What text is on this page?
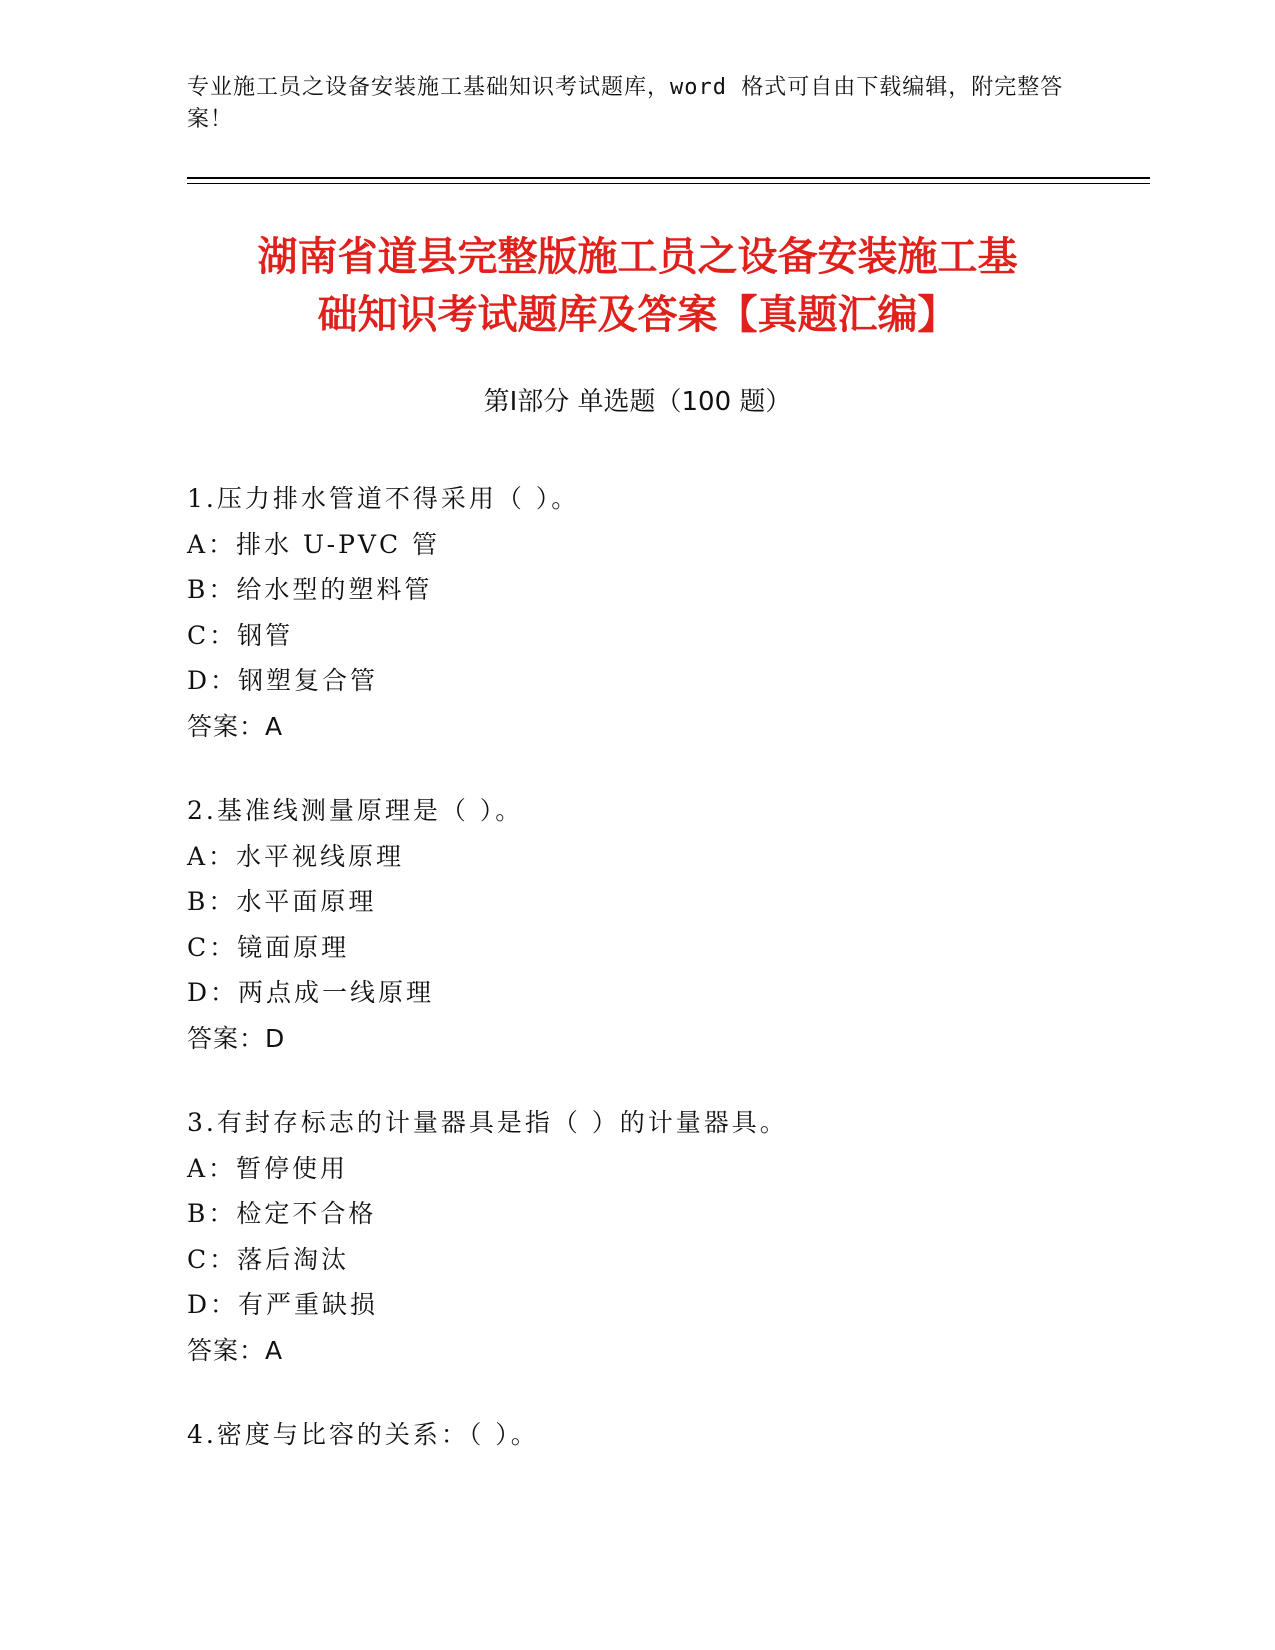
专业施工员之设备安装施工基础知识考试题库，word 格式可自由下载编辑，附完整答案！
湖南省道县完整版施工员之设备安装施工基
础知识考试题库及答案【真题汇编】
第Ⅰ部分 单选题（100 题）
1.压力排水管道不得采用（ ）。
A：排水 U-PVC 管
B：给水型的塑料管
C：钢管
D：钢塑复合管
答案：A
2.基准线测量原理是（ ）。
A：水平视线原理
B：水平面原理
C：镜面原理
D：两点成一线原理
答案：D
3.有封存标志的计量器具是指（ ）的计量器具。
A：暂停使用
B：检定不合格
C：落后淘汰
D：有严重缺损
答案：A
4.密度与比容的关系：（ ）。
